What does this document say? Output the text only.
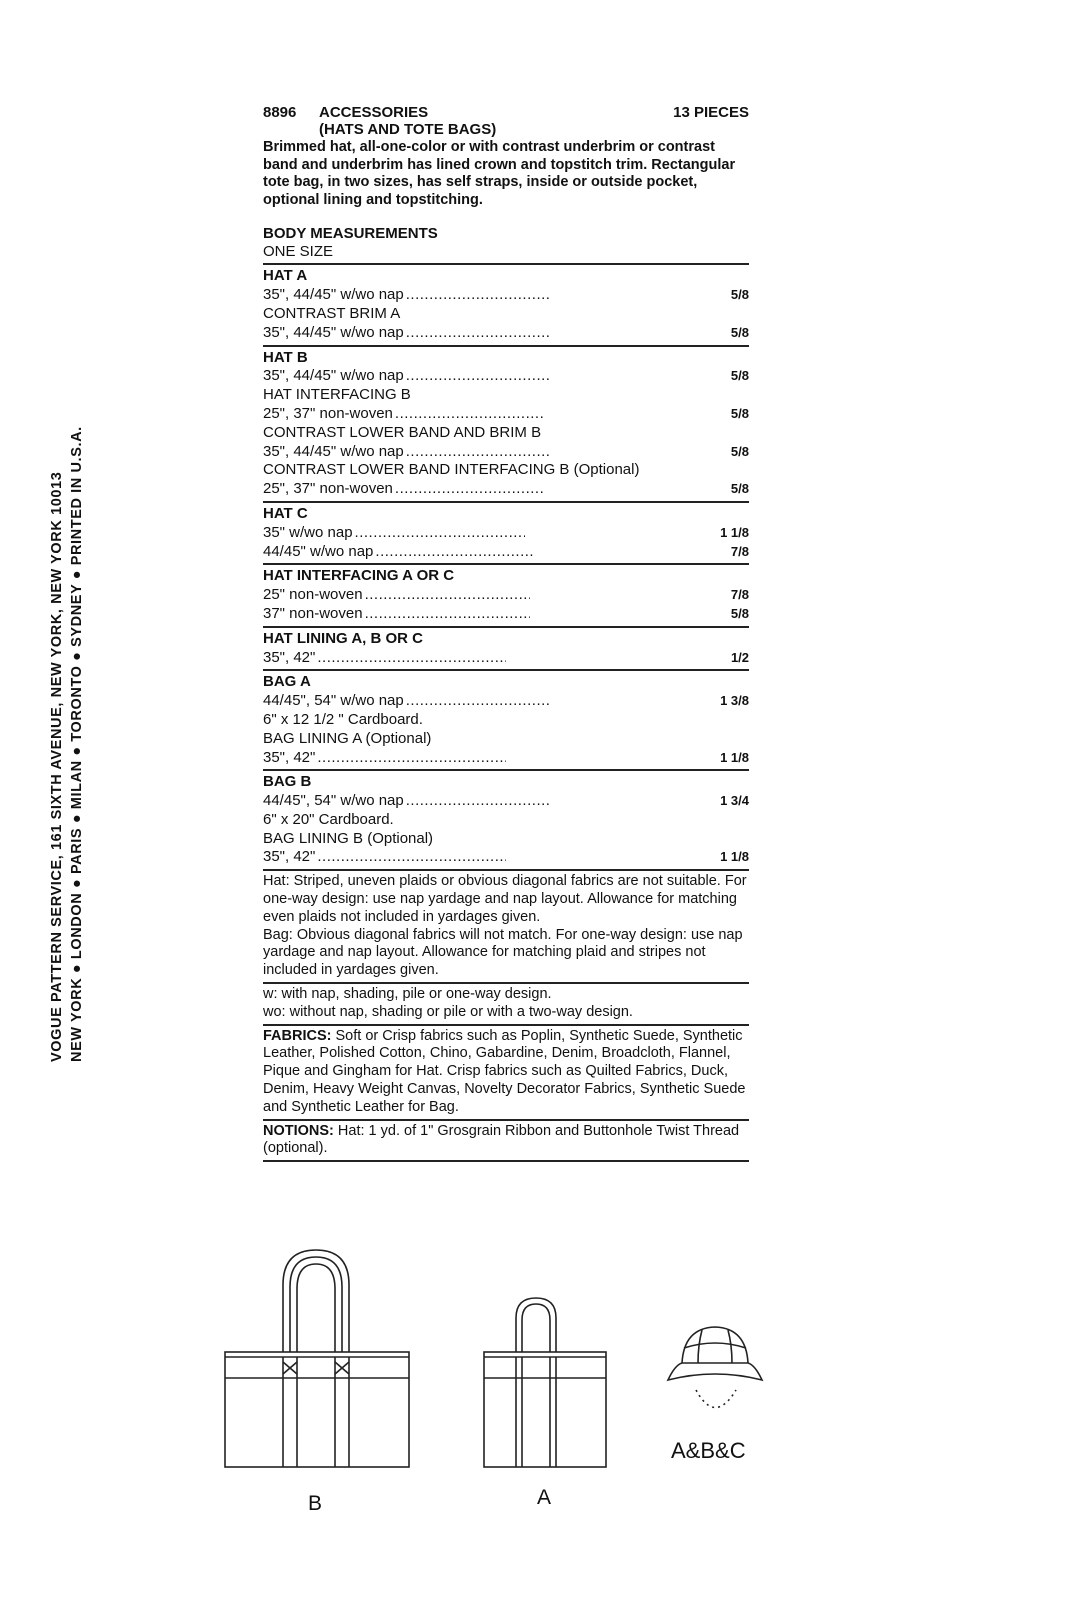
VOGUE PATTERN SERVICE, 161 SIXTH AVENUE, NEW YORK, NEW YORK 10013 NEW YORK ● LONDON ● PARIS ● MILAN ● TORONTO ● SYDNEY ● PRINTED IN U.S.A.
8896	ACCESSORIES	13 PIECES
(HATS AND TOTE BAGS)
Brimmed hat, all-one-color or with contrast underbrim or contrast band and underbrim has lined crown and topstitch trim. Rectangular tote bag, in two sizes, has self straps, inside or outside pocket, optional lining and topstitching.
BODY MEASUREMENTS
ONE SIZE
HAT A
35", 44/45" w/wo nap .....	5/8
CONTRAST BRIM A
35", 44/45" w/wo nap .....	5/8
HAT B
35", 44/45" w/wo nap .....	5/8
HAT INTERFACING B
25", 37" non-woven .....	5/8
CONTRAST LOWER BAND AND BRIM B
35", 44/45" w/wo nap .....	5/8
CONTRAST LOWER BAND INTERFACING B (Optional)
25", 37" non-woven .....	5/8
HAT C
35" w/wo nap .....	1 1/8
44/45" w/wo nap .....	7/8
HAT INTERFACING A OR C
25" non-woven .....	7/8
37" non-woven .....	5/8
HAT LINING A, B OR C
35", 42" .....	1/2
BAG A
44/45", 54" w/wo nap .....	1 3/8
6" x 12 1/2 " Cardboard.
BAG LINING A (Optional)
35", 42" .....	1 1/8
BAG B
44/45", 54" w/wo nap .....	1 3/4
6" x 20" Cardboard.
BAG LINING B (Optional)
35", 42" .....	1 1/8
Hat: Striped, uneven plaids or obvious diagonal fabrics are not suitable. For one-way design: use nap yardage and nap layout. Allowance for matching even plaids not included in yardages given.
Bag: Obvious diagonal fabrics will not match. For one-way design: use nap yardage and nap layout. Allowance for matching plaid and stripes not included in yardages given.
w: with nap, shading, pile or one-way design.
wo: without nap, shading or pile or with a two-way design.
FABRICS: Soft or Crisp fabrics such as Poplin, Synthetic Suede, Synthetic Leather, Polished Cotton, Chino, Gabardine, Denim, Broadcloth, Flannel, Pique and Gingham for Hat. Crisp fabrics such as Quilted Fabrics, Duck, Denim, Heavy Weight Canvas, Novelty Decorator Fabrics, Synthetic Suede and Synthetic Leather for Bag.
NOTIONS: Hat: 1 yd. of 1" Grosgrain Ribbon and Buttonhole Twist Thread (optional).
B	A
A&B&C
